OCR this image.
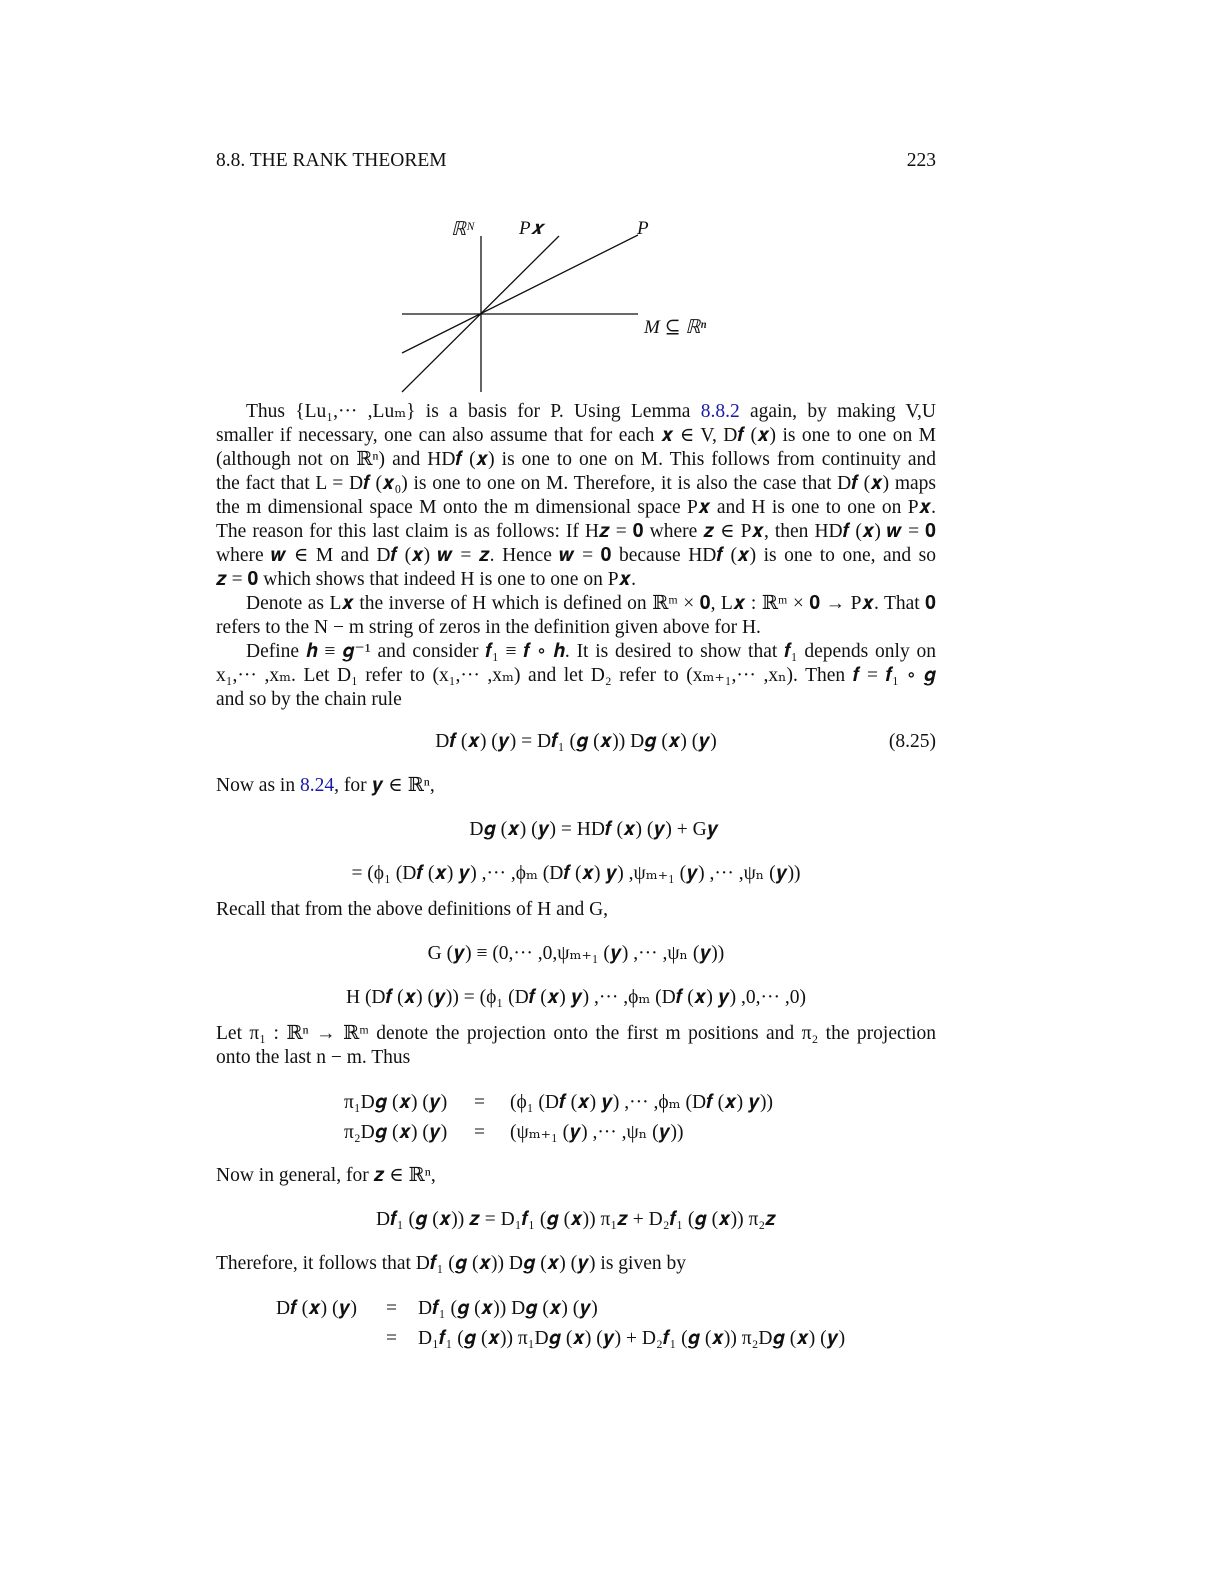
8.8. THE RANK THEOREM	223
ℝᴺ P𝒙	P
M ⊆ ℝⁿ
Thus {Lu₁,··· ,Luₘ} is a basis for P. Using Lemma 8.8.2 again, by making V,U
smaller if necessary, one can also assume that for each 𝒙 ∈ V, D𝒇 (𝒙) is one to one on M
(although not on ℝⁿ) and HD𝒇 (𝒙) is one to one on M. This follows from continuity and
the fact that L = D𝒇 (𝒙₀) is one to one on M. Therefore, it is also the case that D𝒇 (𝒙) maps
the m dimensional space M onto the m dimensional space P𝒙 and H is one to one on P𝒙.
The reason for this last claim is as follows: If H𝒛 = 𝟎 where 𝒛 ∈ P𝒙, then HD𝒇 (𝒙) 𝒘 = 𝟎
where 𝒘 ∈ M and D𝒇 (𝒙) 𝒘 = 𝒛. Hence 𝒘 = 𝟎 because HD𝒇 (𝒙) is one to one, and so
𝒛 = 𝟎 which shows that indeed H is one to one on P𝒙.
Denote as L𝒙 the inverse of H which is defined on ℝᵐ × 𝟎, L𝒙 : ℝᵐ × 𝟎 → P𝒙. That 𝟎
refers to the N − m string of zeros in the definition given above for H.
Define 𝒉 ≡ 𝒈⁻¹ and consider 𝒇₁ ≡ 𝒇 ∘ 𝒉. It is desired to show that 𝒇₁ depends only on
x₁,··· ,xₘ. Let D₁ refer to (x₁,··· ,xₘ) and let D₂ refer to (xₘ₊₁,··· ,xₙ). Then 𝒇 = 𝒇₁ ∘ 𝒈
and so by the chain rule
D𝒇 (𝒙) (𝒚) = D𝒇₁ (𝒈 (𝒙)) D𝒈 (𝒙) (𝒚)	(8.25)
Now as in 8.24, for 𝒚 ∈ ℝⁿ,
D𝒈 (𝒙) (𝒚) = HD𝒇 (𝒙) (𝒚) + G𝒚
= (ϕ₁ (D𝒇 (𝒙) 𝒚) ,··· ,ϕₘ (D𝒇 (𝒙) 𝒚) ,ψₘ₊₁ (𝒚) ,··· ,ψₙ (𝒚))
Recall that from the above definitions of H and G,
G (𝒚) ≡ (0,··· ,0,ψₘ₊₁ (𝒚) ,··· ,ψₙ (𝒚))
H (D𝒇 (𝒙) (𝒚)) = (ϕ₁ (D𝒇 (𝒙) 𝒚) ,··· ,ϕₘ (D𝒇 (𝒙) 𝒚) ,0,··· ,0)
Let π₁ : ℝⁿ → ℝᵐ denote the projection onto the first m positions and π₂ the projection
onto the last n − m. Thus
π₁D𝒈 (𝒙) (𝒚) = (ϕ₁ (D𝒇 (𝒙) 𝒚) ,··· ,ϕₘ (D𝒇 (𝒙) 𝒚))
π₂D𝒈 (𝒙) (𝒚) = (ψₘ₊₁ (𝒚) ,··· ,ψₙ (𝒚))
Now in general, for 𝒛 ∈ ℝⁿ,
D𝒇₁ (𝒈 (𝒙)) 𝒛 = D₁𝒇₁ (𝒈 (𝒙)) π₁𝒛 + D₂𝒇₁ (𝒈 (𝒙)) π₂𝒛
Therefore, it follows that D𝒇₁ (𝒈 (𝒙)) D𝒈 (𝒙) (𝒚) is given by
D𝒇 (𝒙) (𝒚) = D𝒇₁ (𝒈 (𝒙)) D𝒈 (𝒙) (𝒚)
= D₁𝒇₁ (𝒈 (𝒙)) π₁D𝒈 (𝒙) (𝒚) + D₂𝒇₁ (𝒈 (𝒙)) π₂D𝒈 (𝒙) (𝒚)
